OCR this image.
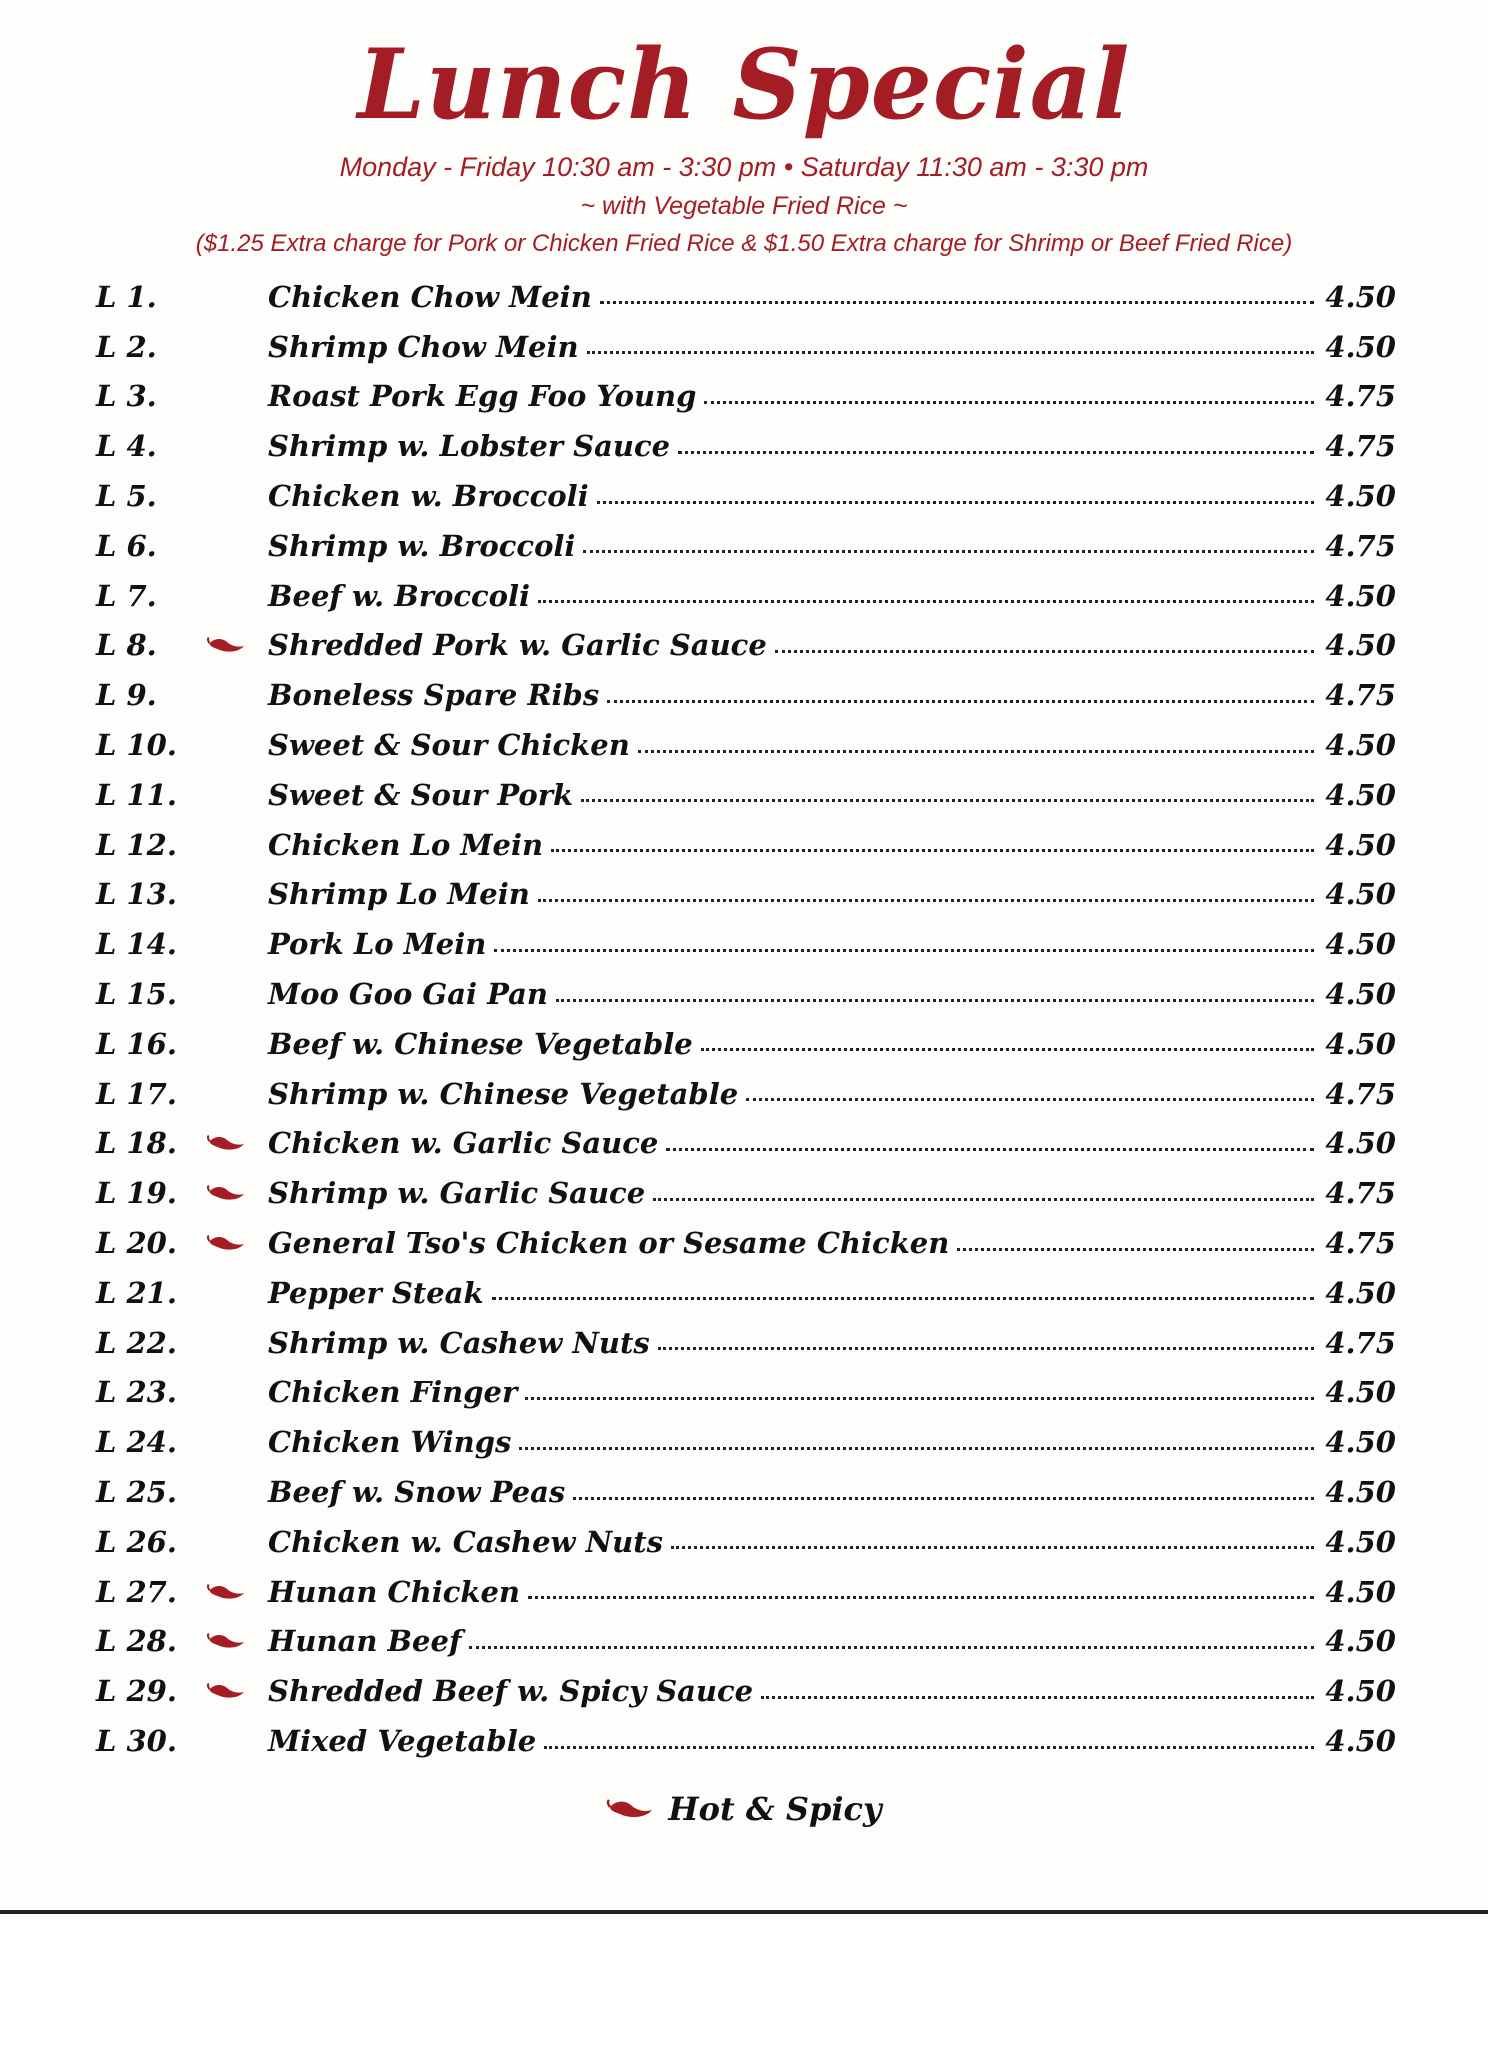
Lunch Special
Monday - Friday 10:30 am - 3:30 pm • Saturday 11:30 am - 3:30 pm
~ with Vegetable Fried Rice ~
($1.25 Extra charge for Pork or Chicken Fried Rice & $1.50 Extra charge for Shrimp or Beef Fried Rice)
L 1.	Chicken Chow Mein	4.50
L 2.	Shrimp Chow Mein	4.50
L 3.	Roast Pork Egg Foo Young	4.75
L 4.	Shrimp w. Lobster Sauce	4.75
L 5.	Chicken w. Broccoli	4.50
L 6.	Shrimp w. Broccoli	4.75
L 7.	Beef w. Broccoli	4.50
L 8.	Shredded Pork w. Garlic Sauce	4.50
L 9.	Boneless Spare Ribs	4.75
L 10.	Sweet & Sour Chicken	4.50
L 11.	Sweet & Sour Pork	4.50
L 12.	Chicken Lo Mein	4.50
L 13.	Shrimp Lo Mein	4.50
L 14.	Pork Lo Mein	4.50
L 15.	Moo Goo Gai Pan	4.50
L 16.	Beef w. Chinese Vegetable	4.50
L 17.	Shrimp w. Chinese Vegetable	4.75
L 18.	Chicken w. Garlic Sauce	4.50
L 19.	Shrimp w. Garlic Sauce	4.75
L 20.	General Tso's Chicken or Sesame Chicken	4.75
L 21.	Pepper Steak	4.50
L 22.	Shrimp w. Cashew Nuts	4.75
L 23.	Chicken Finger	4.50
L 24.	Chicken Wings	4.50
L 25.	Beef w. Snow Peas	4.50
L 26.	Chicken w. Cashew Nuts	4.50
L 27.	Hunan Chicken	4.50
L 28.	Hunan Beef	4.50
L 29.	Shredded Beef w. Spicy Sauce	4.50
L 30.	Mixed Vegetable	4.50
Hot & Spicy
